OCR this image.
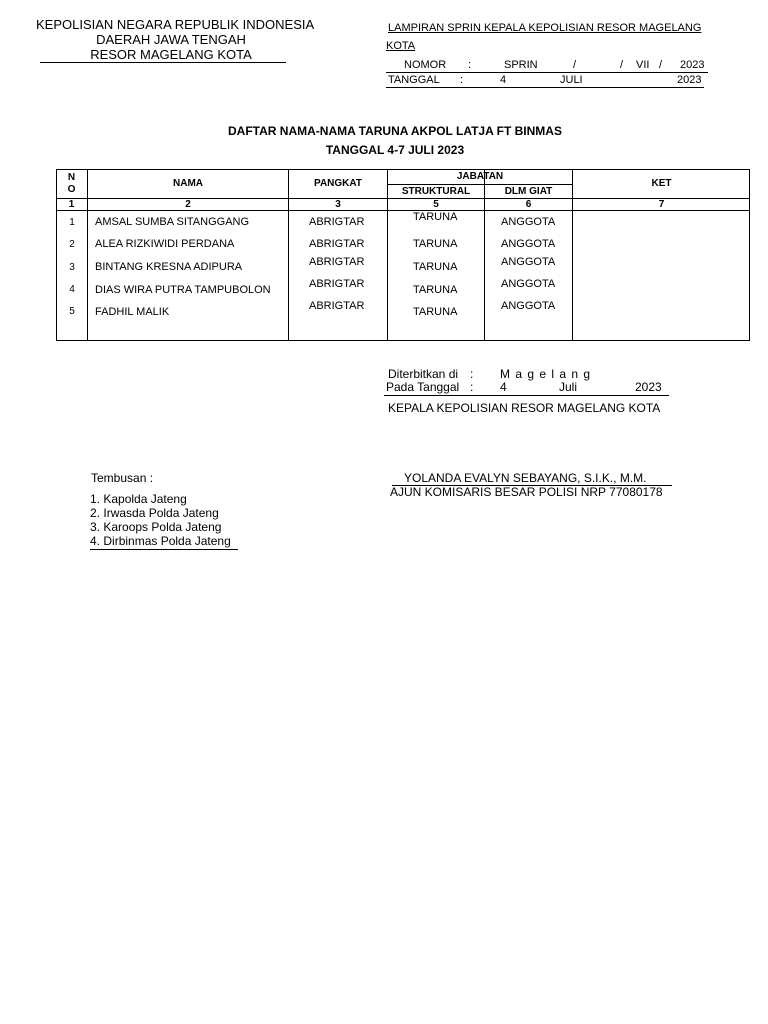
KEPOLISIAN NEGARA REPUBLIK INDONESIA
DAERAH JAWA TENGAH
RESOR MAGELANG KOTA
LAMPIRAN SPRIN KEPALA KEPOLISIAN RESOR MAGELANG
KOTA
NOMOR :	SPRIN	/	/ VII / 2023
TANGGAL :	4	JULI	2023
DAFTAR NAMA-NAMA TARUNA AKPOL LATJA FT BINMAS
TANGGAL 4-7 JULI 2023
N
O
NAMA	PANGKAT
JABATAN
STRUKTURAL	DLM GIAT
KET
1	2	3	5	6	7
1	AMSAL SUMBA SITANGGANG	ABRIGTAR	TARUNA	ANGGOTA
2	ALEA RIZKIWIDI PERDANA	ABRIGTAR	TARUNA	ANGGOTA
3	BINTANG KRESNA ADIPURA	ABRIGTAR	TARUNA	ANGGOTA
4	DIAS WIRA PUTRA TAMPUBOLON	ABRIGTAR	TARUNA	ANGGOTA
5	FADHIL MALIK	ABRIGTAR	TARUNA	ANGGOTA
Diterbitkan di : M a g e l a n g
Pada Tanggal : 4	Juli	2023
KEPALA KEPOLISIAN RESOR MAGELANG KOTA
YOLANDA EVALYN SEBAYANG, S.I.K., M.M.
AJUN KOMISARIS BESAR POLISI NRP 77080178
Tembusan :
1. Kapolda Jateng
2. Irwasda Polda Jateng
3. Karoops Polda Jateng
4. Dirbinmas Polda Jateng
